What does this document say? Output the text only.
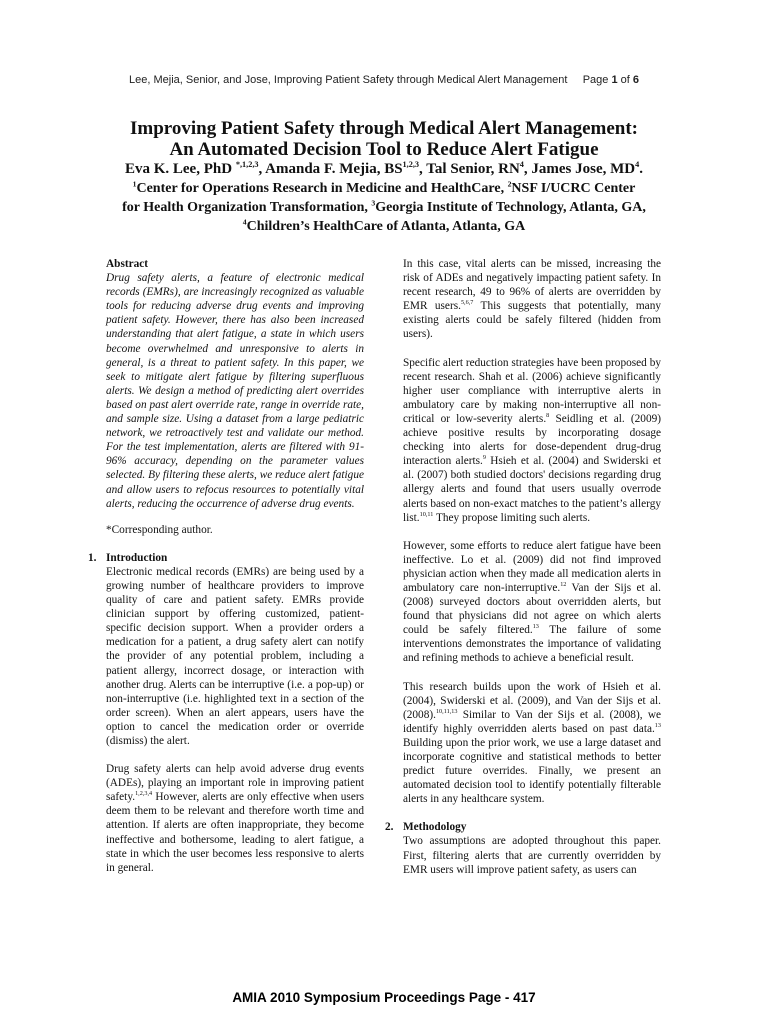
Lee, Mejia, Senior, and Jose, Improving Patient Safety through Medical Alert Management Page 1 of 6
Improving Patient Safety through Medical Alert Management:
An Automated Decision Tool to Reduce Alert Fatigue
Eva K. Lee, PhD $^{*,1,2,3}$, Amanda F. Mejia, BS$^{1,2,3}$, Tal Senior, $RN^4$, James Jose, $MD^4$.
$^1$Center for Operations Research in Medicine and HealthCare, $^2$NSF I/UCRC Center
for Health Organization Transformation, $^3$Georgia Institute of Technology, Atlanta, GA,
$^4$Children’s HealthCare of Atlanta, Atlanta, GA

Abstract

Drug safety alerts, a feature of electronic medical records (EMRs), are increasingly recognized as valuable tools for reducing adverse drug events and improving patient safety. However, there has also been increased understanding that alert fatigue, a state in which users become overwhelmed and unresponsive to alerts in general, is a threat to patient safety. In this paper, we seek to mitigate alert fatigue by filtering superfluous alerts. We design a method of predicting alert overrides based on past alert override rate, range in override rate, and sample size. Using a dataset from a large pediatric network, we retroactively test and validate our method. For the test implementation, alerts are filtered with 91-96% accuracy, depending on the parameter values selected. By filtering these alerts, we reduce alert fatigue and allow users to refocus resources to potentially vital alerts, reducing the occurrence of adverse drug events.

*Corresponding author.

1. Introduction

Electronic medical records (EMRs) are being used by a growing number of healthcare providers to improve quality of care and patient safety. EMRs provide clinician support by offering customized, patient-specific decision support. When a provider orders a medication for a patient, a drug safety alert can notify the provider of any potential problem, including a patient allergy, incorrect dosage, or interaction with another drug. Alerts can be interruptive (i.e. a pop-up) or non-interruptive (i.e. highlighted text in a section of the order screen). When an alert appears, users have the option to cancel the medication order or override (dismiss) the alert.

Drug safety alerts can help avoid adverse drug events (ADEs), playing an important role in improving patient safety.$^{1,2,3,4}$ However, alerts are only effective when users deem them to be relevant and therefore worth time and attention. If alerts are often inappropriate, they become ineffective and bothersome, leading to alert fatigue, a state in which the user becomes less responsive to alerts in general.

In this case, vital alerts can be missed, increasing the risk of ADEs and negatively impacting patient safety. In recent research, 49 to 96% of alerts are overridden by EMR users.$^{5,6,7}$ This suggests that potentially, many existing alerts could be safely filtered (hidden from users).

Specific alert reduction strategies have been proposed by recent research. Shah et al. (2006) achieve significantly higher user compliance with interruptive alerts in ambulatory care by making non-interruptive all non-critical or low-severity alerts.$^8$ Seidling et al. (2009) achieve positive results by incorporating dosage checking into alerts for dose-dependent drug-drug interaction alerts.$^9$ Hsieh et al. (2004) and Swiderski et al. (2007) both studied doctors' decisions regarding drug allergy alerts and found that users usually overrode alerts based on non-exact matches to the patient’s allergy list.$^{10,11}$ They propose limiting such alerts.

However, some efforts to reduce alert fatigue have been ineffective. Lo et al. (2009) did not find improved physician action when they made all medication alerts in ambulatory care non-interruptive.$^{12}$ Van der Sijs et al. (2008) surveyed doctors about overridden alerts, but found that physicians did not agree on which alerts could be safely filtered.$^{13}$ The failure of some interventions demonstrates the importance of validating and refining methods to achieve a beneficial result.

This research builds upon the work of Hsieh et al. (2004), Swiderski et al. (2009), and Van der Sijs et al. (2008).$^{10,11,13}$ Similar to Van der Sijs et al. (2008), we identify highly overridden alerts based on past data.$^{13}$ Building upon the prior work, we use a large dataset and incorporate cognitive and statistical methods to better predict future overrides. Finally, we present an automated decision tool to identify potentially filterable alerts in any healthcare system.

2. Methodology

Two assumptions are adopted throughout this paper. First, filtering alerts that are currently overridden by EMR users will improve patient safety, as users can

AMIA 2010 Symposium Proceedings Page - 417
